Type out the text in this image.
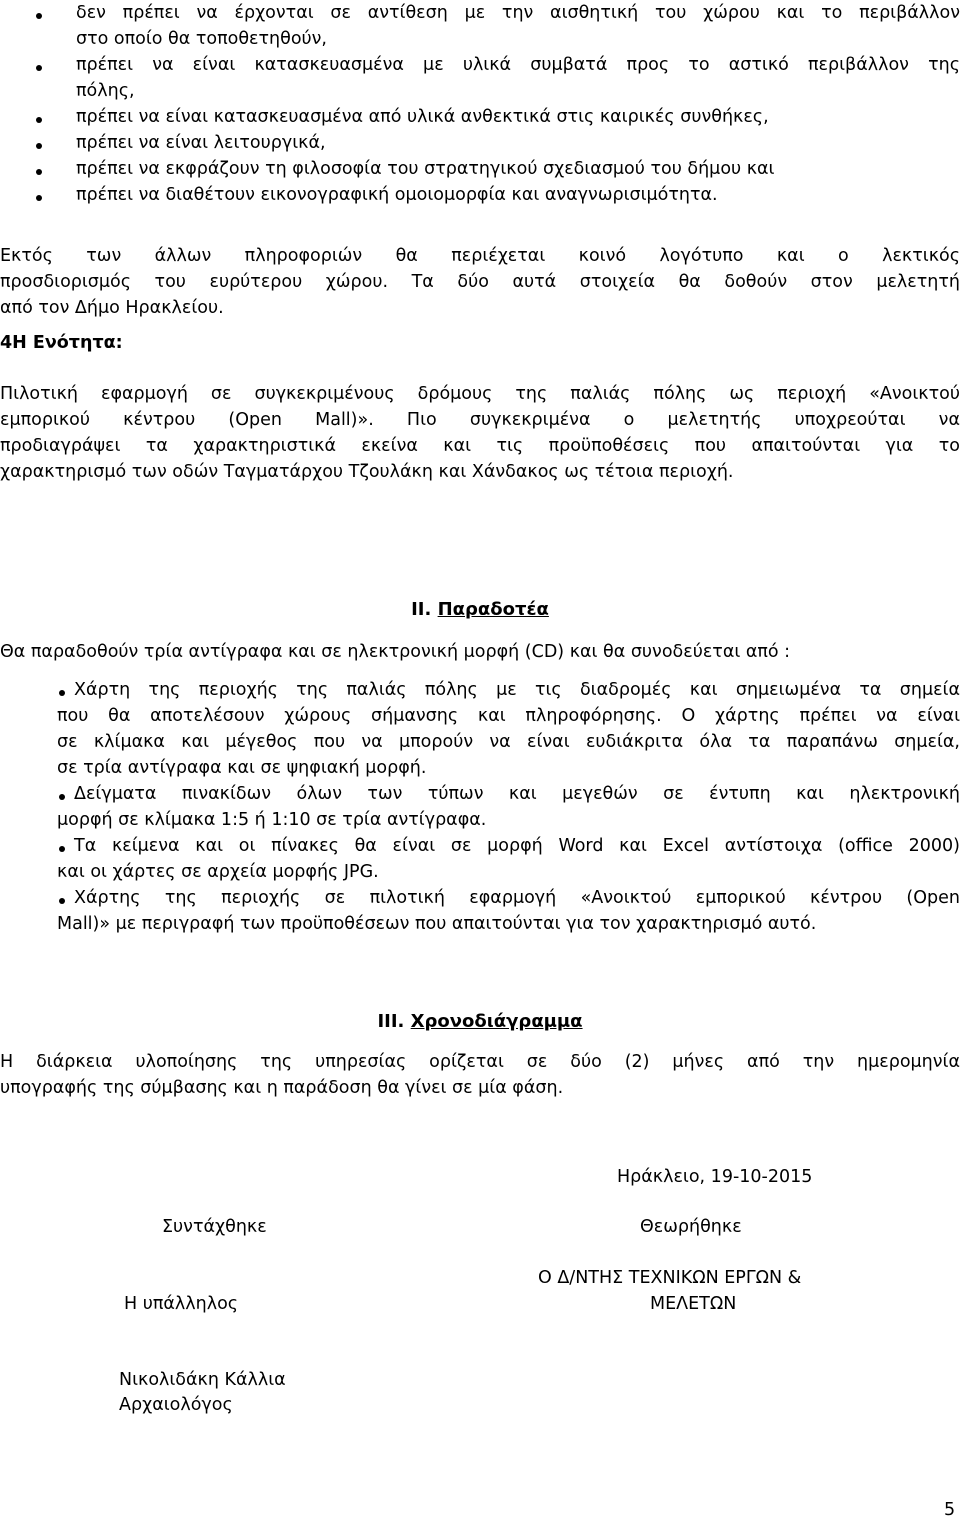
δεν πρέπει να έρχονται σε αντίθεση με την αισθητική του χώρου και το περιβάλλον
στο οποίο θα τοποθετηθούν,
πρέπει να είναι κατασκευασμένα με υλικά συμβατά προς το αστικό περιβάλλον της
πόλης,
πρέπει να είναι κατασκευασμένα από υλικά ανθεκτικά στις καιρικές συνθήκες,
πρέπει να είναι λειτουργικά,
πρέπει να εκφράζουν τη φιλοσοφία του στρατηγικού σχεδιασμού του δήμου και
πρέπει να διαθέτουν εικονογραφική ομοιομορφία και αναγνωρισιμότητα.
Εκτός των άλλων πληροφοριών θα περιέχεται κοινό λογότυπο και ο λεκτικός
προσδιορισμός του ευρύτερου χώρου. Τα δύο αυτά στοιχεία θα δοθούν στον μελετητή
από τον Δήμο Ηρακλείου.
4Η Ενότητα:
Πιλοτική εφαρμογή σε συγκεκριμένους δρόμους της παλιάς πόλης ως περιοχή «Ανοικτού
εμπορικού κέντρου (Open Mall)». Πιο συγκεκριμένα ο μελετητής υποχρεούται να
προδιαγράψει τα χαρακτηριστικά εκείνα και τις προϋποθέσεις που απαιτούνται για το
χαρακτηρισμό των οδών Ταγματάρχου Τζουλάκη και Χάνδακος ως τέτοια περιοχή.
ΙΙ. Παραδοτέα
Θα παραδοθούν τρία αντίγραφα και σε ηλεκτρονική μορφή (CD) και θα συνοδεύεται από :
Χάρτη της περιοχής της παλιάς πόλης με τις διαδρομές και σημειωμένα τα σημεία
που θα αποτελέσουν χώρους σήμανσης και πληροφόρησης. Ο χάρτης πρέπει να είναι
σε κλίμακα και μέγεθος που να μπορούν να είναι ευδιάκριτα όλα τα παραπάνω σημεία,
σε τρία αντίγραφα και σε ψηφιακή μορφή.
Δείγματα πινακίδων όλων των τύπων και μεγεθών σε έντυπη και ηλεκτρονική
μορφή σε κλίμακα 1:5 ή 1:10 σε τρία αντίγραφα.
Τα κείμενα και οι πίνακες θα είναι σε μορφή Word και Excel αντίστοιχα (office 2000)
και οι χάρτες σε αρχεία μορφής JPG.
Χάρτης της περιοχής σε πιλοτική εφαρμογή «Ανοικτού εμπορικού κέντρου (Open
Mall)» με περιγραφή των προϋποθέσεων που απαιτούνται για τον χαρακτηρισμό αυτό.
ΙΙΙ. Χρονοδιάγραμμα
Η διάρκεια υλοποίησης της υπηρεσίας ορίζεται σε δύο (2) μήνες από την ημερομηνία
υπογραφής της σύμβασης και η παράδοση θα γίνει σε μία φάση.
Ηράκλειο, 19-10-2015
Συντάχθηκε	Θεωρήθηκε
Ο Δ/ΝΤΗΣ ΤΕΧΝΙΚΩΝ ΕΡΓΩΝ &
Η υπάλληλος	ΜΕΛΕΤΩΝ
Νικολιδάκη Κάλλια
Αρχαιολόγος
5
